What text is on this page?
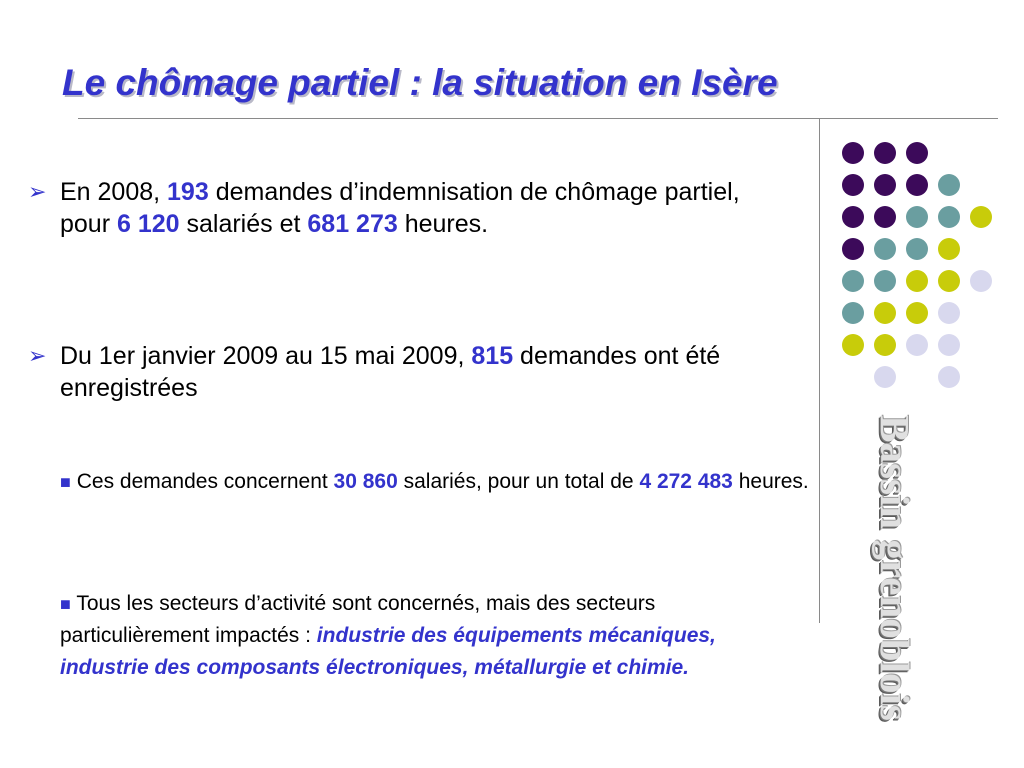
Le chômage partiel : la situation en Isère
➢ En 2008, 193 demandes d’indemnisation de chômage partiel, pour 6 120 salariés et 681 273 heures.
➢ Du 1er janvier 2009 au 15 mai 2009, 815 demandes ont été enregistrées
■ Ces demandes concernent 30 860 salariés, pour un total de 4 272 483 heures.
■ Tous les secteurs d’activité sont concernés, mais des secteurs particulièrement impactés : industrie des équipements mécaniques, industrie des composants électroniques, métallurgie et chimie.	Bassin grenoblois
